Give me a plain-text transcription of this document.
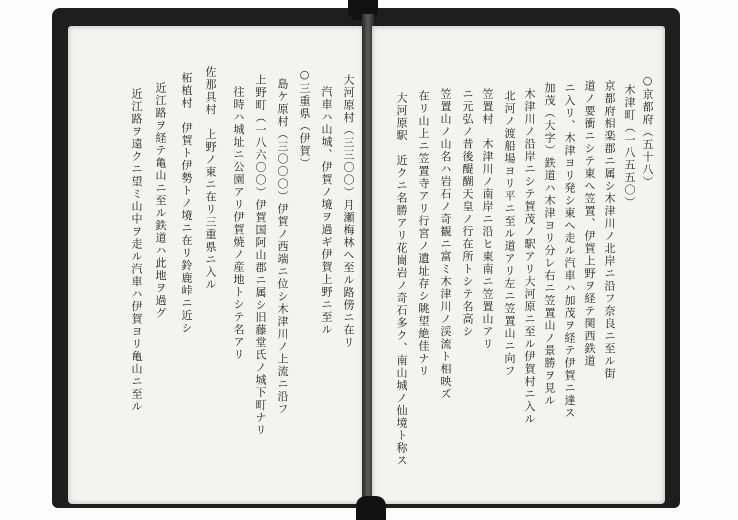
大河原村（三三〇〇）月瀬梅林へ至ル路傍ニ在リ
汽車ハ山城、伊賀ノ境ヲ過ギ伊賀上野ニ至ル
○三重県（伊賀）
島ケ原村（三〇〇〇）伊賀ノ西端ニ位シ木津川ノ上流ニ沿フ
上野町（一八六〇〇）伊賀国阿山郡ニ属シ旧藤堂氏ノ城下町ナリ
往時ハ城址ニ公園アリ伊賀焼ノ産地トシテ名アリ
佐那具村　上野ノ東ニ在リ三重県ニ入ル
柘植村　伊賀ト伊勢トノ境ニ在リ鈴鹿峠ニ近シ
近江路ヲ経テ亀山ニ至ル鉄道ハ此地ヲ過グ
近江路ヲ遠クニ望ミ山中ヲ走ル汽車ハ伊賀ヨリ亀山ニ至ル	○京都府（五十八）
木津町（一八五五〇）
京都府相楽郡ニ属シ木津川ノ北岸ニ沿フ奈良ニ至ル街
道ノ要衝ニシテ東へ笠置、伊賀上野ヲ経テ関西鉄道
ニ入リ、木津ヨリ発シ東へ走ル汽車ハ加茂ヲ経テ伊賀ニ達ス
加茂（大字）鉄道ハ木津ヨリ分レ右ニ笠置山ノ景勝ヲ見ル
木津川ノ沿岸ニシテ賀茂ノ駅アリ大河原ニ至ル伊賀村ニ入ル
北河ノ渡船場ヨリ平ニ至ル道アリ左ニ笠置山ニ向フ
笠置村　木津川ノ南岸ニ沿ヒ東南ニ笠置山アリ
ニ元弘ノ昔後醍醐天皇ノ行在所トシテ名高シ
笠置山ノ山名ハ岩石ノ奇観ニ富ミ木津川ノ渓流ト相映ズ
在リ山上ニ笠置寺アリ行宮ノ遺址存シ眺望絶佳ナリ
大河原駅　近クニ名勝アリ花崗岩ノ奇石多ク、南山城ノ仙境ト称ス
